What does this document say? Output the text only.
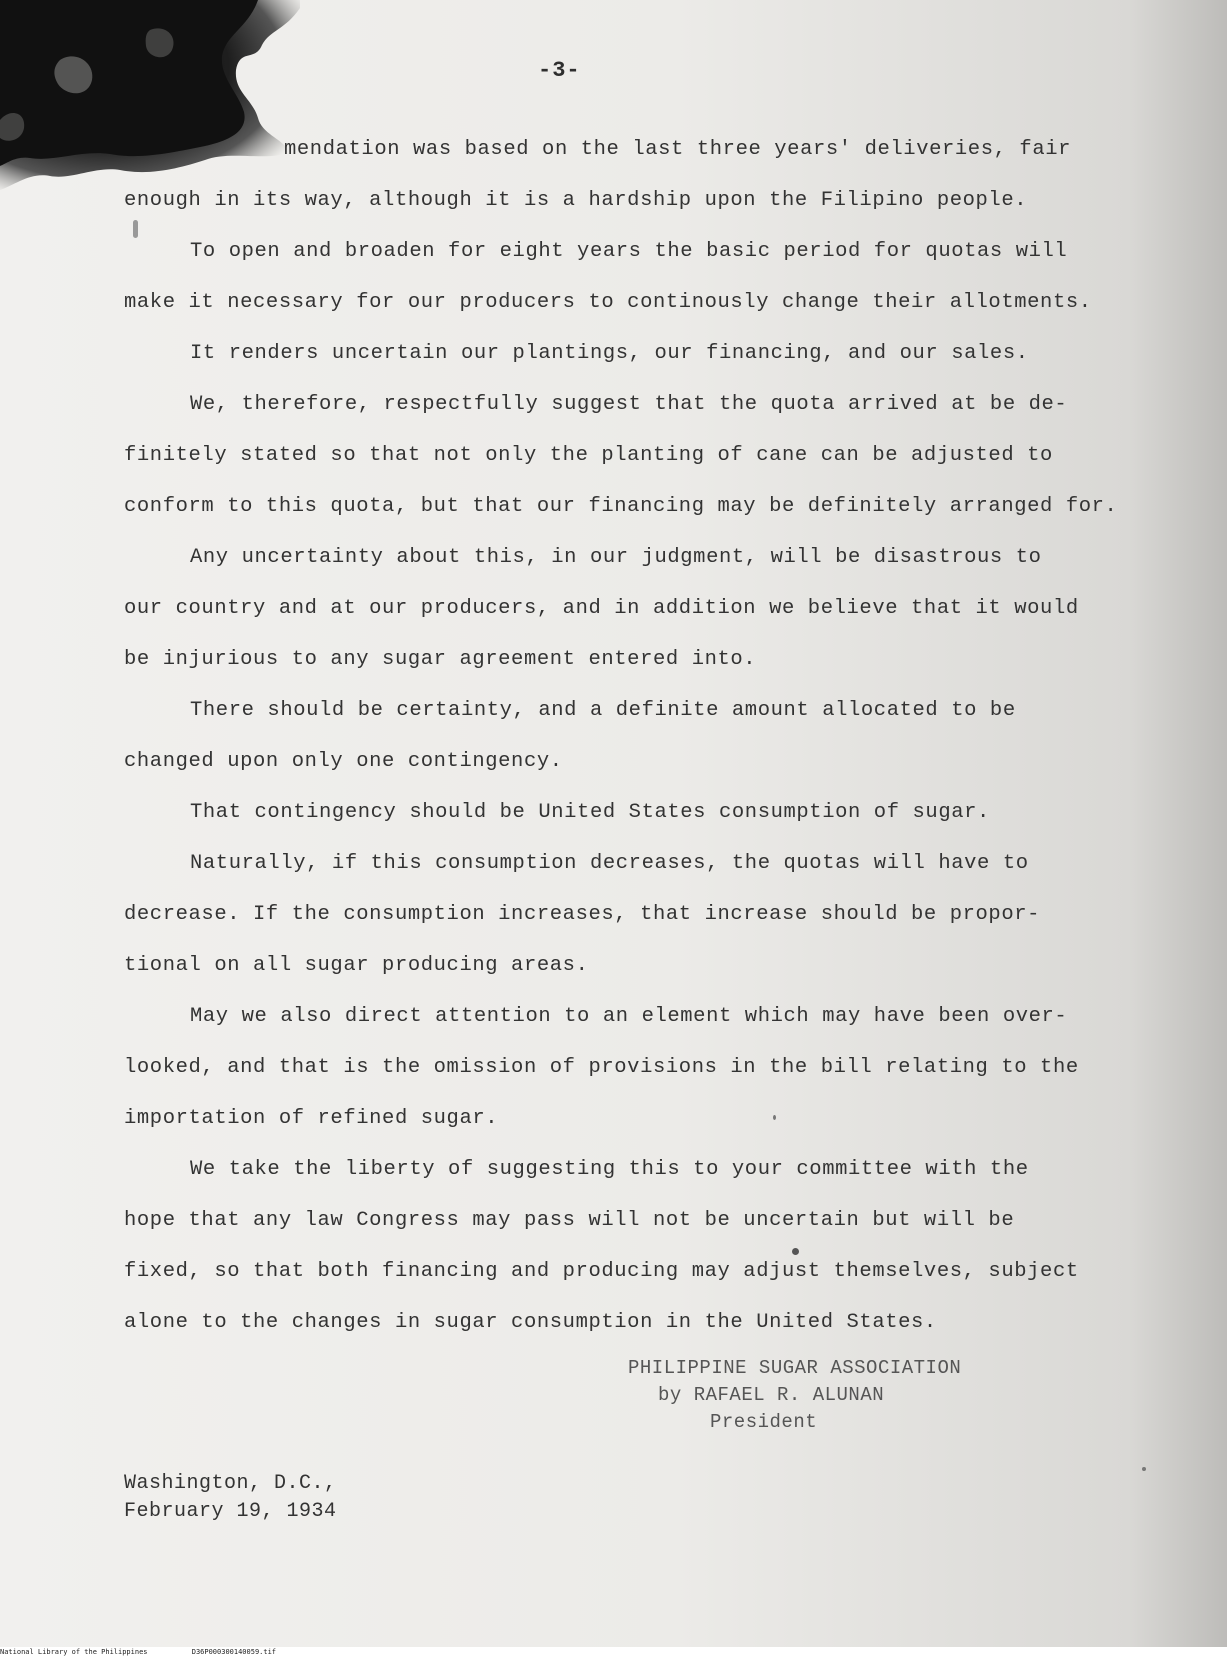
-3-
mendation was based on the last three years' deliveries, fair
enough in its way, although it is a hardship upon the Filipino people.
To open and broaden for eight years the basic period for quotas will
make it necessary for our producers to continously change their allotments.
It renders uncertain our plantings, our financing, and our sales.
We, therefore, respectfully suggest that the quota arrived at be de-
finitely stated so that not only the planting of cane can be adjusted to
conform to this quota, but that our financing may be definitely arranged for.
Any uncertainty about this, in our judgment, will be disastrous to
our country and at our producers, and in addition we believe that it would
be injurious to any sugar agreement entered into.
There should be certainty, and a definite amount allocated to be
changed upon only one contingency.
That contingency should be United States consumption of sugar.
Naturally, if this consumption decreases, the quotas will have to
decrease. If the consumption increases, that increase should be propor-
tional on all sugar producing areas.
May we also direct attention to an element which may have been over-
looked, and that is the omission of provisions in the bill relating to the
importation of refined sugar.
We take the liberty of suggesting this to your committee with the
hope that any law Congress may pass will not be uncertain but will be
fixed, so that both financing and producing may adjust themselves, subject
alone to the changes in sugar consumption in the United States.
PHILIPPINE SUGAR ASSOCIATION
by RAFAEL R. ALUNAN
President
Washington, D.C.,
February 19, 1934
National Library of the Philippines	D36P000300140059.tif
